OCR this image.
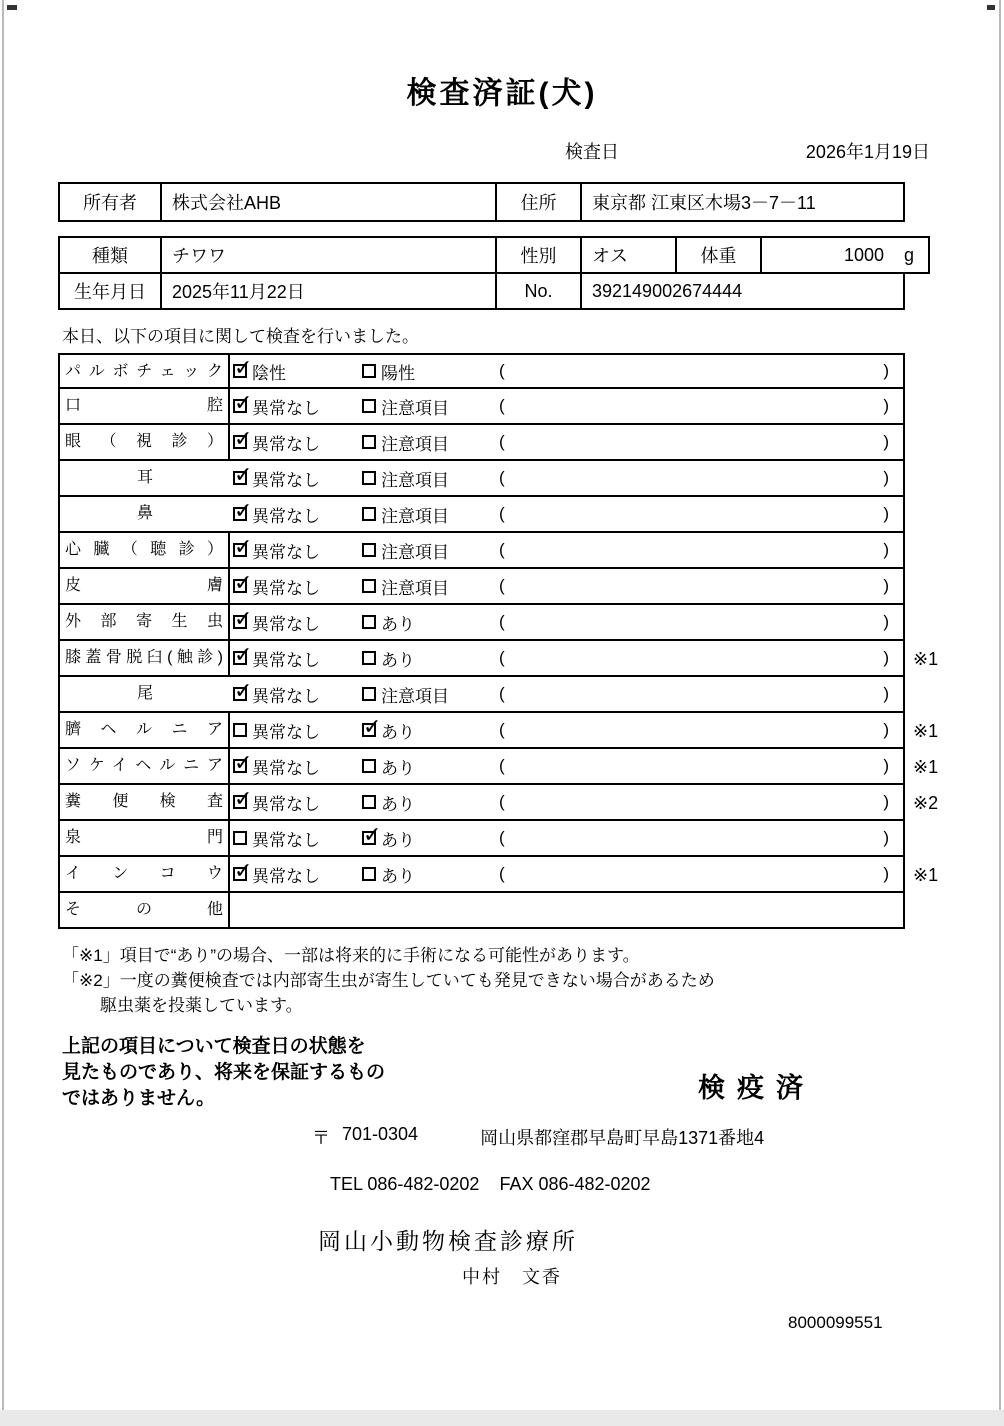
検査済証(犬)
検査日	2026年1月19日
所有者	株式会社AHB	住所	東京都 江東区木場3－7－11
種類	チワワ	性別	オス	体重	1000 g
生年月日	2025年11月22日	No.	392149002674444
本日、以下の項目に関して検査を行いました。
パルボチェック ✓	陰性	陽性	(	)
口腔 ✓	異常なし	注意項目	(	)
眼（視診） ✓	異常なし	注意項目	(	)
耳 ✓	異常なし	注意項目	(	)
鼻 ✓	異常なし	注意項目	(	)
心臓（聴診） ✓	異常なし	注意項目	(	)
皮膚 ✓	異常なし	注意項目	(	)
外部寄生虫 ✓	異常なし	あり	(	)
膝蓋骨脱臼(触診) ✓	異常なし	あり	(	)	※1
尾 ✓	異常なし	注意項目	(	)
臍ヘルニア	異常なし ✓	あり	(	)	※1
ソケイヘルニア ✓	異常なし	あり	(	)	※1
糞便検査 ✓	異常なし	あり	(	)	※2
泉門	異常なし ✓	あり	(	)
インコウ ✓	異常なし	あり	(	)	※1
その他
「※1」項目で“あり”の場合、一部は将来的に手術になる可能性があります。
「※2」一度の糞便検査では内部寄生虫が寄生していても発見できない場合があるため
駆虫薬を投薬しています。
上記の項目について検査日の状態を
見たものであり、将来を保証するもの
ではありません。	検疫済
〒 701-0304	岡山県都窪郡早島町早島1371番地4
TEL 086-482-0202 FAX 086-482-0202
岡山小動物検査診療所
中村　文香
8000099551
